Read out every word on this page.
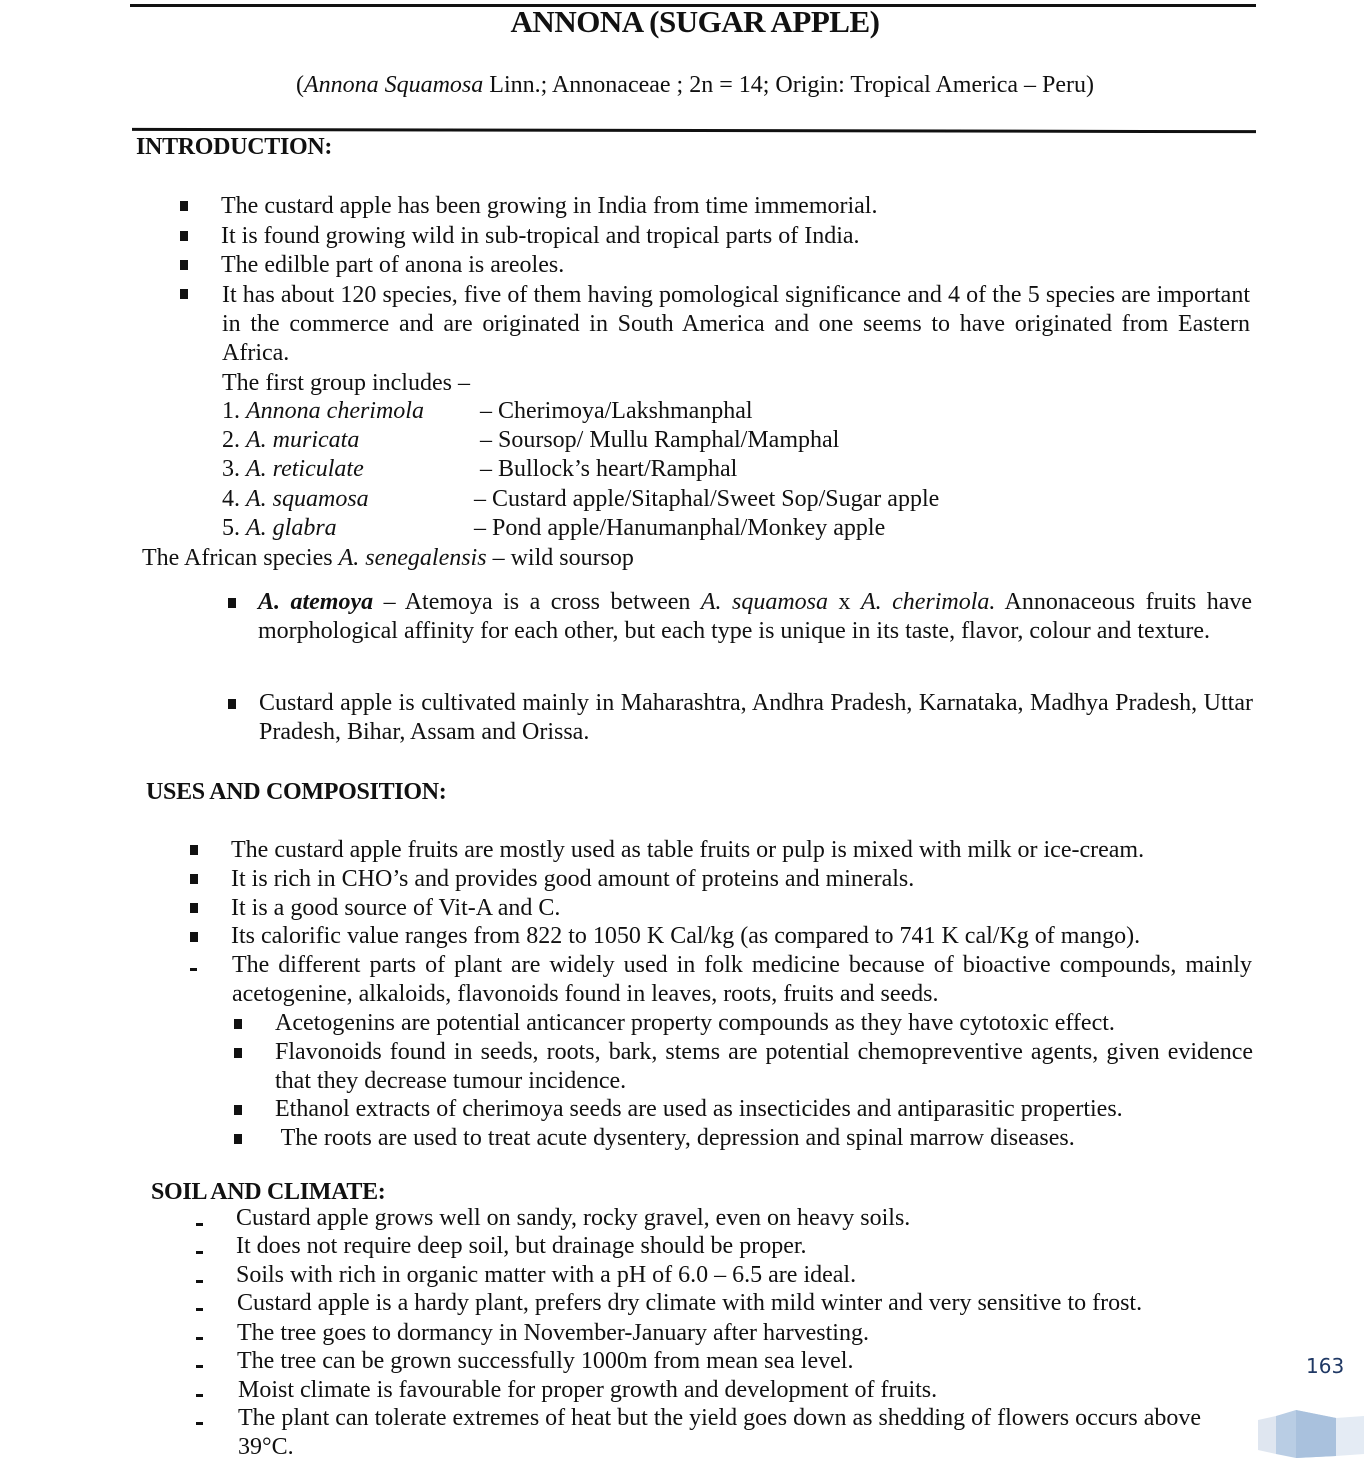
ANNONA (SUGAR APPLE)
(Annona Squamosa Linn.; Annonaceae ; 2n = 14; Origin: Tropical America – Peru)
INTRODUCTION:
The custard apple has been growing in India from time immemorial.
It is found growing wild in sub-tropical and tropical parts of India.
The edilble part of anona is areoles.
It has about 120 species, five of them having pomological significance and 4 of the 5 species are important in the commerce and are originated in South America and one seems to have originated from Eastern Africa.
The first group includes –
1. Annona cherimola – Cherimoya/Lakshmanphal
2. A. muricata	– Soursop/ Mullu Ramphal/Mamphal
3. A. reticulate	– Bullock’s heart/Ramphal
4. A. squamosa	– Custard apple/Sitaphal/Sweet Sop/Sugar apple
5. A. glabra	– Pond apple/Hanumanphal/Monkey apple
The African species A. senegalensis – wild soursop
A. atemoya – Atemoya is a cross between A. squamosa x A. cherimola. Annonaceous fruits have morphological affinity for each other, but each type is unique in its taste, flavor, colour and texture.
Custard apple is cultivated mainly in Maharashtra, Andhra Pradesh, Karnataka, Madhya Pradesh, Uttar Pradesh, Bihar, Assam and Orissa.
USES AND COMPOSITION:
The custard apple fruits are mostly used as table fruits or pulp is mixed with milk or ice-cream.
It is rich in CHO’s and provides good amount of proteins and minerals.
It is a good source of Vit-A and C.
Its calorific value ranges from 822 to 1050 K Cal/kg (as compared to 741 K cal/Kg of mango).
The different parts of plant are widely used in folk medicine because of bioactive compounds, mainly acetogenine, alkaloids, flavonoids found in leaves, roots, fruits and seeds.
Acetogenins are potential anticancer property compounds as they have cytotoxic effect.
Flavonoids found in seeds, roots, bark, stems are potential chemopreventive agents, given evidence that they decrease tumour incidence.
Ethanol extracts of cherimoya seeds are used as insecticides and antiparasitic properties.
The roots are used to treat acute dysentery, depression and spinal marrow diseases.
SOIL AND CLIMATE:
Custard apple grows well on sandy, rocky gravel, even on heavy soils.
It does not require deep soil, but drainage should be proper.
Soils with rich in organic matter with a pH of 6.0 – 6.5 are ideal.
Custard apple is a hardy plant, prefers dry climate with mild winter and very sensitive to frost.
The tree goes to dormancy in November-January after harvesting.
The tree can be grown successfully 1000m from mean sea level.
Moist climate is favourable for proper growth and development of fruits.
The plant can tolerate extremes of heat but the yield goes down as shedding of flowers occurs above 39°C.
163
